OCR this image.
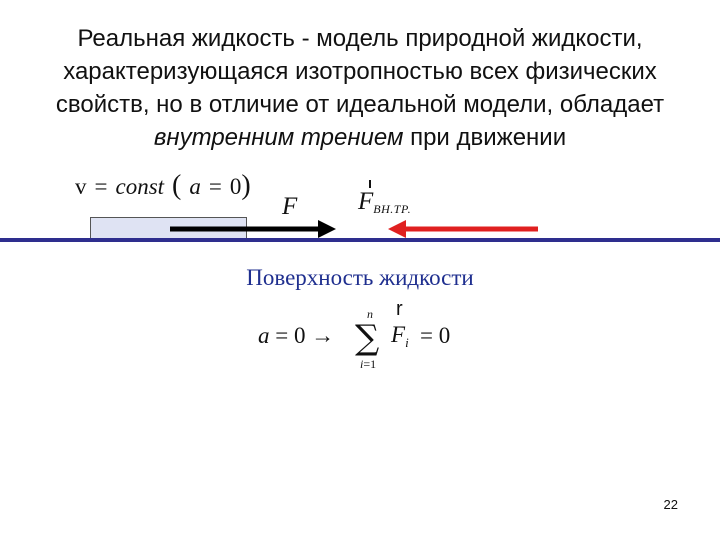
Реальная жидкость - модель природной жидкости,
характеризующаяся изотропностью всех физических
свойств, но в отличие от идеальной модели, обладает
внутренним трением при движении
v = const ( a = 0)
F $F_{ВН.ТР.}$
Поверхность жидкости
a = 0 →
n
∑
i=1
r
$F_i = 0$
22
